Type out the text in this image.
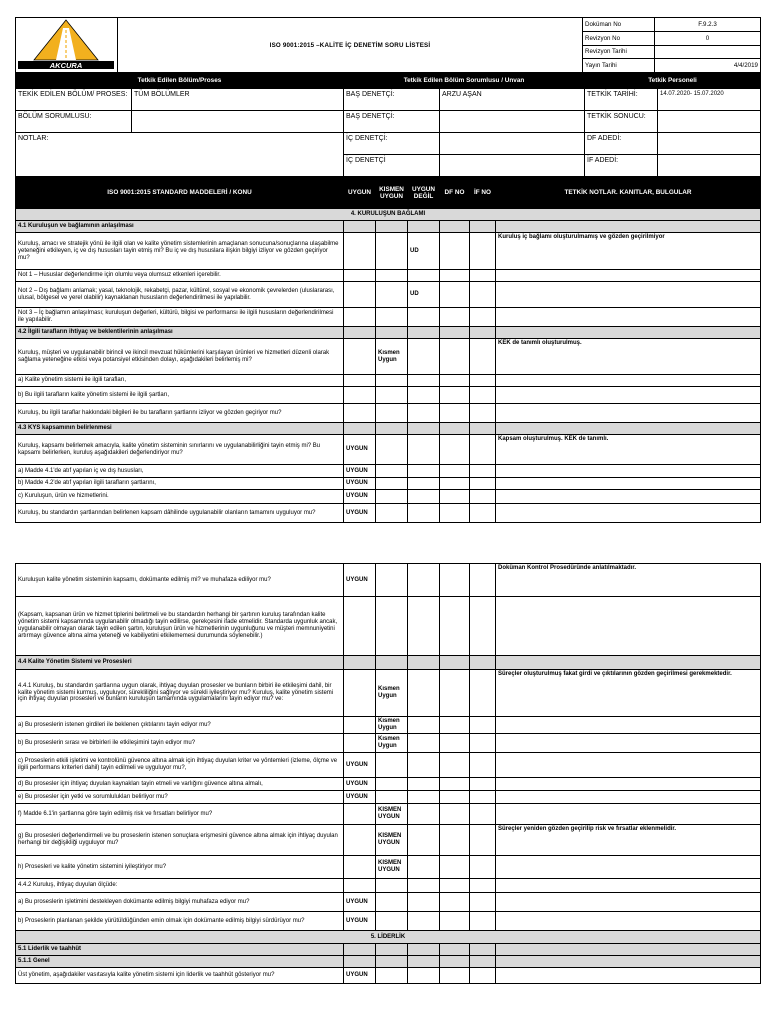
AKCURA	ISO 9001:2015 –KALİTE İÇ DENETİM SORU LİSTESİ	Doküman No	F.9.2.3
		Revizyon No	0
		Revizyon Tarihi	
		Yayın Tarihi	4/4/2019
Tetkik Edilen Bölüm/Proses	Tetkik Edilen Bölüm Sorumlusu / Unvan	Tetkik Personeli
TEKİK EDİLEN BÖLÜM/ PROSES:	TÜM BÖLÜMLER	BAŞ DENETÇİ:	ARZU AŞAN	TETKİK TARİHİ:	14.07.2020- 15.07.2020
BÖLÜM SORUMLUSU:		BAŞ DENETÇİ:		TETKİK SONUCU:	
NOTLAR:		İÇ DENETÇİ:		DF ADEDİ:	
		İÇ DENETÇİ		İF ADEDİ:	
ISO 9001:2015 STANDARD MADDELERİ / KONU	UYGUN	KISMEN UYGUN	UYGUN DEĞİL	DF NO	İF NO	TETKİK NOTLAR. KANITLAR, BULGULAR
4. KURULUŞUN BAĞLAMI						
4.1 Kuruluşun ve bağlamının anlaşılması						
Kuruluş, amacı ve stratejik yönü ile ilgili olan ve kalite yönetim sistemlerinin amaçlanan sonucuna/sonuçlarına ulaşabilme yeteneğini etkileyen, iç ve dış hususları tayin etmiş mi? Bu iç ve dış hususlara ilişkin bilgiyi izliyor ve gözden geçiriyor mu?			UD			Kuruluş iç bağlamı oluşturulmamış ve gözden geçirilmiyor
Not 1 – Hususlar değerlendirme için olumlu veya olumsuz etkenleri içerebilir.						
Not 2 – Dış bağlamı anlamak; yasal, teknolojik, rekabetçi, pazar, kültürel, sosyal ve ekonomik çevrelerden (uluslararası, ulusal, bölgesel ve yerel olabilir) kaynaklanan hususların değerlendirilmesi ile yapılabilir.			UD			
Not 3 – İç bağlamın anlaşılması; kuruluşun değerleri, kültürü, bilgisi ve performansı ile ilgili hususların değerlendirilmesi ile yapılabilir.						
4.2 İlgili tarafların ihtiyaç ve beklentilerinin anlaşılması						
Kuruluş, müşteri ve uygulanabilir birincil ve ikincil mevzuat hükümlerini karşılayan ürünleri ve hizmetleri düzenli olarak sağlama yeteneğine etkisi veya potansiyel etkisinden dolayı, aşağıdakileri belirlemiş mi?		Kısmen Uygun				KEK de tanımlı oluşturulmuş.
a) Kalite yönetim sistemi ile ilgili tarafları,						
b) Bu ilgili tarafların kalite yönetim sistemi ile ilgili şartları,						
Kuruluş, bu ilgili taraflar hakkındaki bilgileri ile bu tarafların şartlarını izliyor ve gözden geçiriyor mu?						
4.3 KYS kapsamının belirlenmesi						
Kuruluş, kapsamı belirlemek amacıyla, kalite yönetim sisteminin sınırlarını ve uygulanabilirliğini tayin etmiş mi? Bu kapsamı belirlerken, kuruluş aşağıdakileri değerlendiriyor mu?	UYGUN					Kapsam oluşturulmuş. KEK de tanımlı.
a) Madde 4.1'de atıf yapılan iç ve dış hususları,	UYGUN					
b) Madde 4.2'de atıf yapılan ilgili tarafların şartlarını,	UYGUN					
c) Kuruluşun, ürün ve hizmetlerini.	UYGUN					
Kuruluş, bu standardın şartlarından belirlenen kapsam dâhilinde uygulanabilir olanların tamamını uyguluyor mu?	UYGUN					
Kuruluşun kalite yönetim sisteminin kapsamı, dokümante edilmiş mi? ve muhafaza ediliyor mu?	UYGUN					Doküman Kontrol Prosedüründe anlatılmaktadır.
(Kapsam, kapsanan ürün ve hizmet tiplerini belirtmeli ve bu standardın herhangi bir şartının kuruluş tarafından kalite yönetim sistemi kapsamında uygulanabilir olmadığı tayin edilirse, gerekçesini ifade etmelidir. Standarda uygunluk ancak, uygulanabilir olmayan olarak tayin edilen şartın, kuruluşun ürün ve hizmetlerinin uygunluğunu ve müşteri memnuniyetini artırmayı güvence altına alma yeteneği ve kabiliyetini etkilememesi durumunda söylenebilir.)						
4.4 Kalite Yönetim Sistemi ve Prosesleri						
4.4.1 Kuruluş, bu standardın şartlarına uygun olarak, ihtiyaç duyulan prosesler ve bunların birbiri ile etkileşimi dahil, bir kalite yönetim sistemi kurmuş, uyguluyor, sürekliliğini sağlıyor ve sürekli iyileştiriyor mu? Kuruluş, kalite yönetim sistemi için ihtiyaç duyulan prosesleri ve bunların kuruluşun tamamında uygulamalarını tayin ediyor mu? ve:		Kısmen Uygun				Süreçler oluşturulmuş fakat girdi ve çıktılarının gözden geçirilmesi gerekmektedir.
a) Bu proseslerin istenen girdileri ile beklenen çıktılarını tayin ediyor mu?		Kısmen Uygun				
b) Bu proseslerin sırası ve birbirleri ile etkileşimini tayin ediyor mu?		Kısmen Uygun				
c) Proseslerin etkili işletimi ve kontrolünü güvence altına almak için ihtiyaç duyulan kriter ve yöntemleri (izleme, ölçme ve ilgili performans kriterleri dahil) tayin edilmeli ve uyguluyor mu?,	UYGUN					
d) Bu prosesler için ihtiyaç duyulan kaynakları tayin etmeli ve varlığını güvence altına almalı,	UYGUN					
e) Bu prosesler için yetki ve sorumlulukları belirliyor mu?	UYGUN					
f) Madde 6.1'in şartlarına göre tayin edilmiş risk ve fırsatları belirliyor mu?		KISMEN UYGUN				
g) Bu prosesleri değerlendirmeli ve bu proseslerin istenen sonuçlara erişmesini güvence altına almak için ihtiyaç duyulan herhangi bir değişikliği uyguluyor mu?		KISMEN UYGUN				Süreçler yeniden gözden geçirilip risk ve fırsatlar eklenmelidir.
h) Prosesleri ve kalite yönetim sistemini iyileştiriyor mu?		KISMEN UYGUN				
4.4.2 Kuruluş, ihtiyaç duyulan ölçüde:						
a) Bu proseslerin işletimini destekleyen dokümante edilmiş bilgiyi muhafaza ediyor mu?	UYGUN					
b) Proseslerin planlanan şekilde yürütüldüğünden emin olmak için dokümante edilmiş bilgiyi sürdürüyor mu?	UYGUN					
5. LİDERLİK						
5.1 Liderlik ve taahhüt						
5.1.1 Genel						
Üst yönetim, aşağıdakiler vasıtasıyla kalite yönetim sistemi için liderlik ve taahhüt gösteriyor mu?	UYGUN					
